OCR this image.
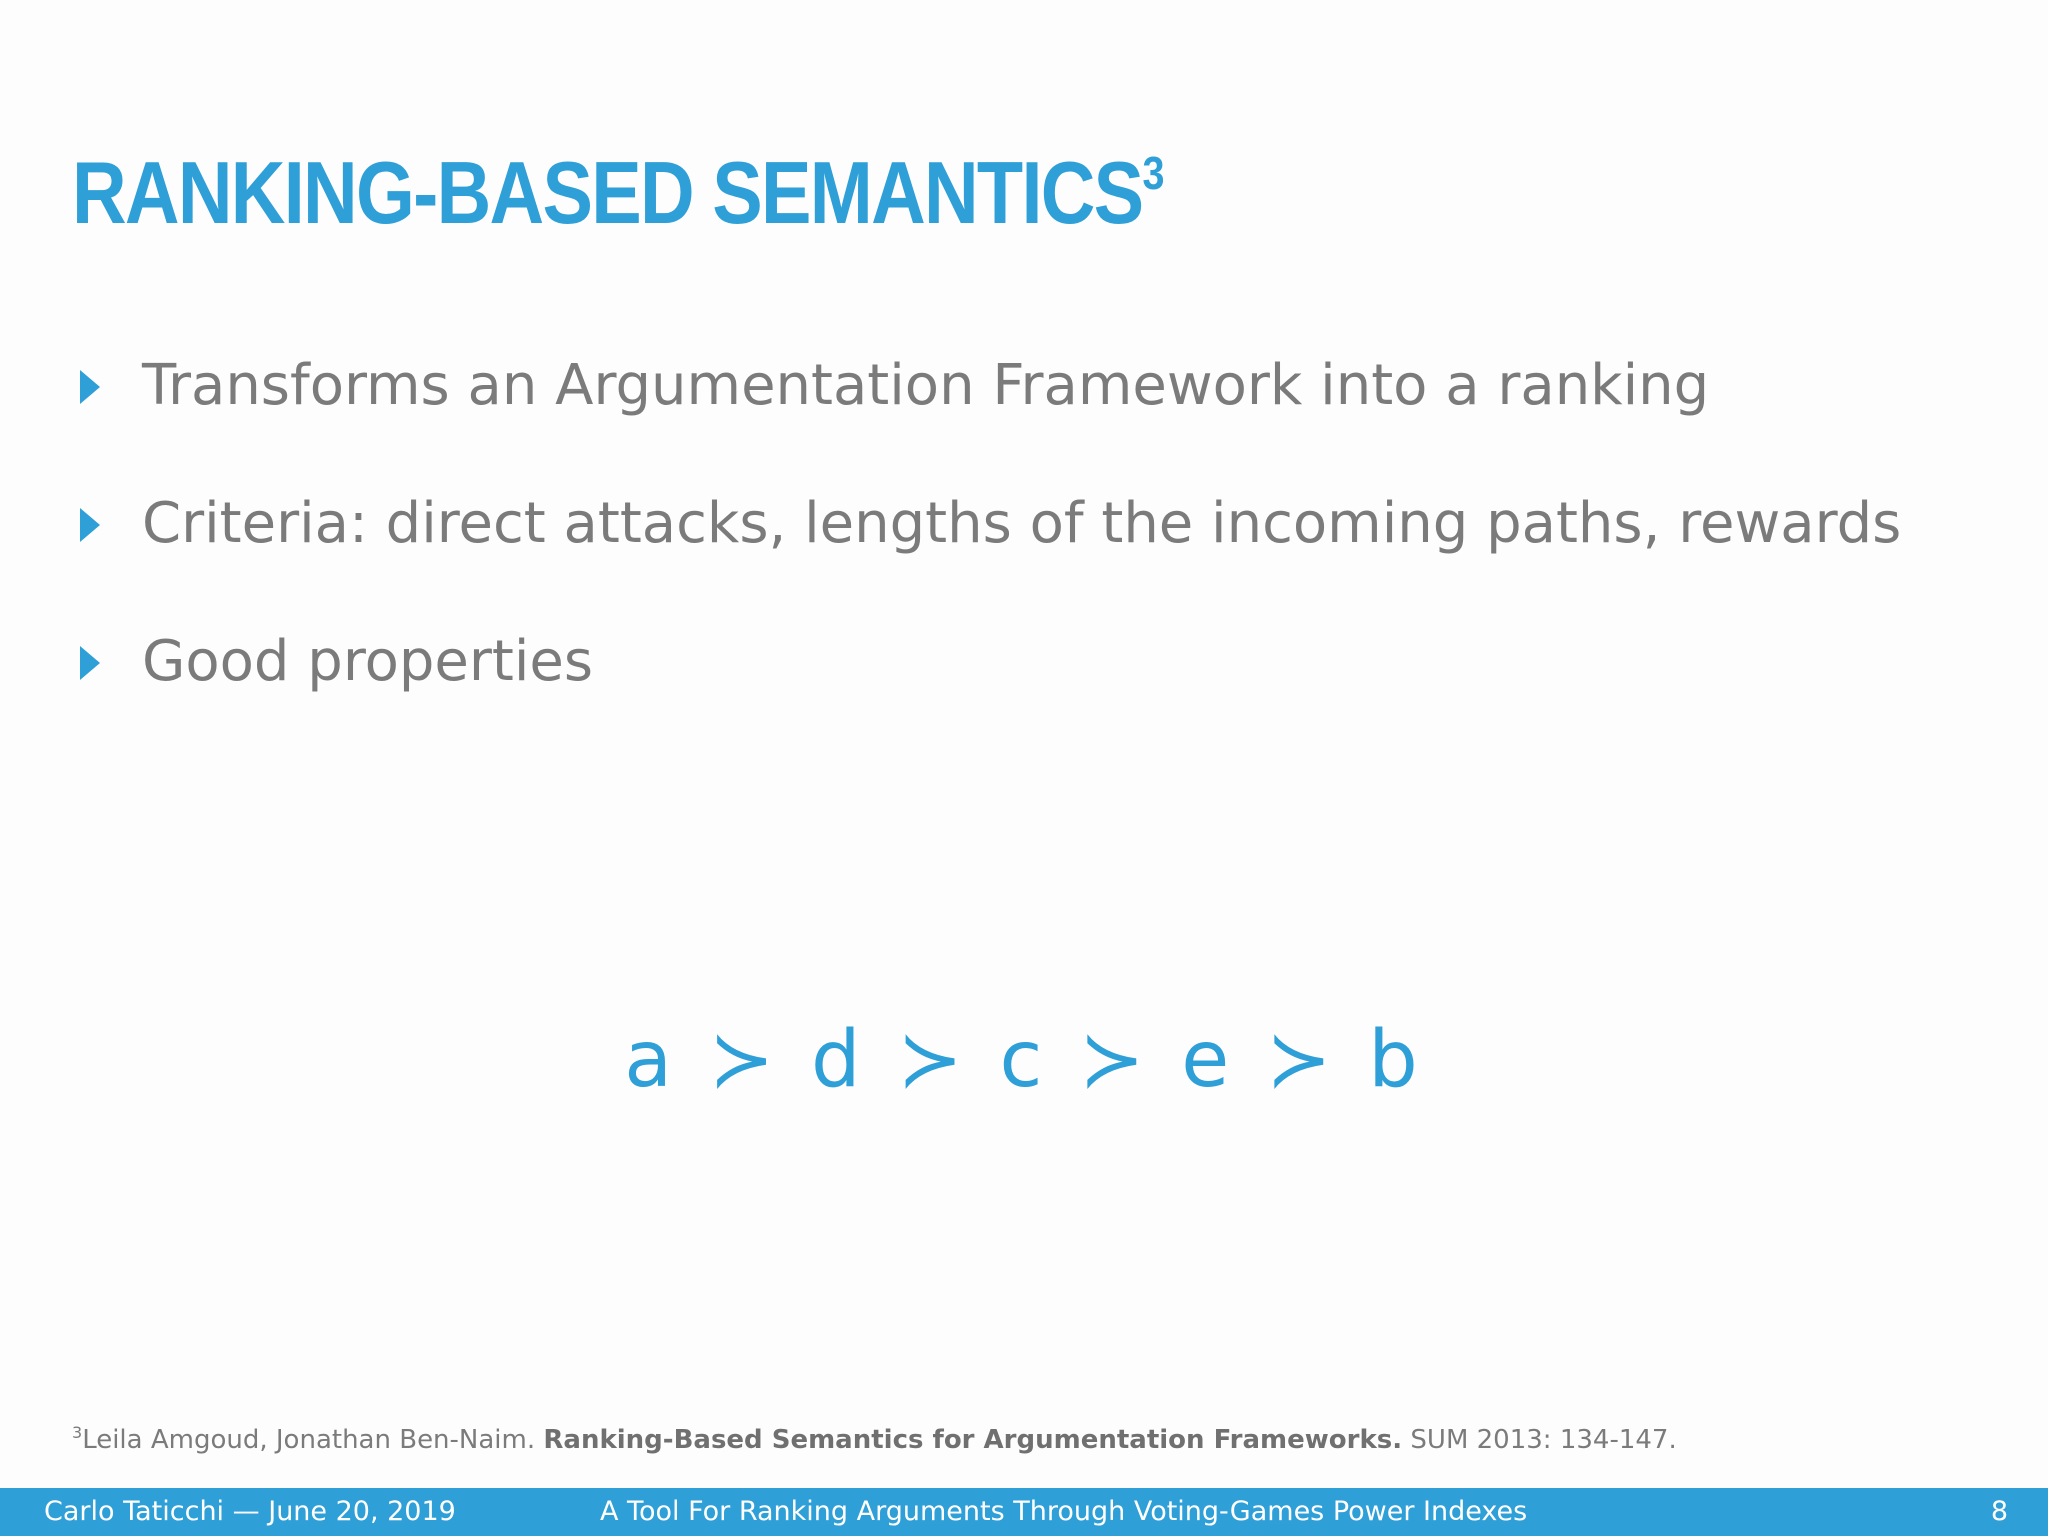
RANKING-BASED SEMANTICS$^3$
Transforms an Argumentation Framework into a ranking
Criteria: direct attacks, lengths of the incoming paths, rewards
Good properties
a ≻ d ≻ c ≻ e ≻ b
$^3$Leila Amgoud, Jonathan Ben-Naim. Ranking-Based Semantics for Argumentation Frameworks. SUM 2013: 134-147.
Carlo Taticchi — June 20, 2019	A Tool For Ranking Arguments Through Voting-Games Power Indexes	8
